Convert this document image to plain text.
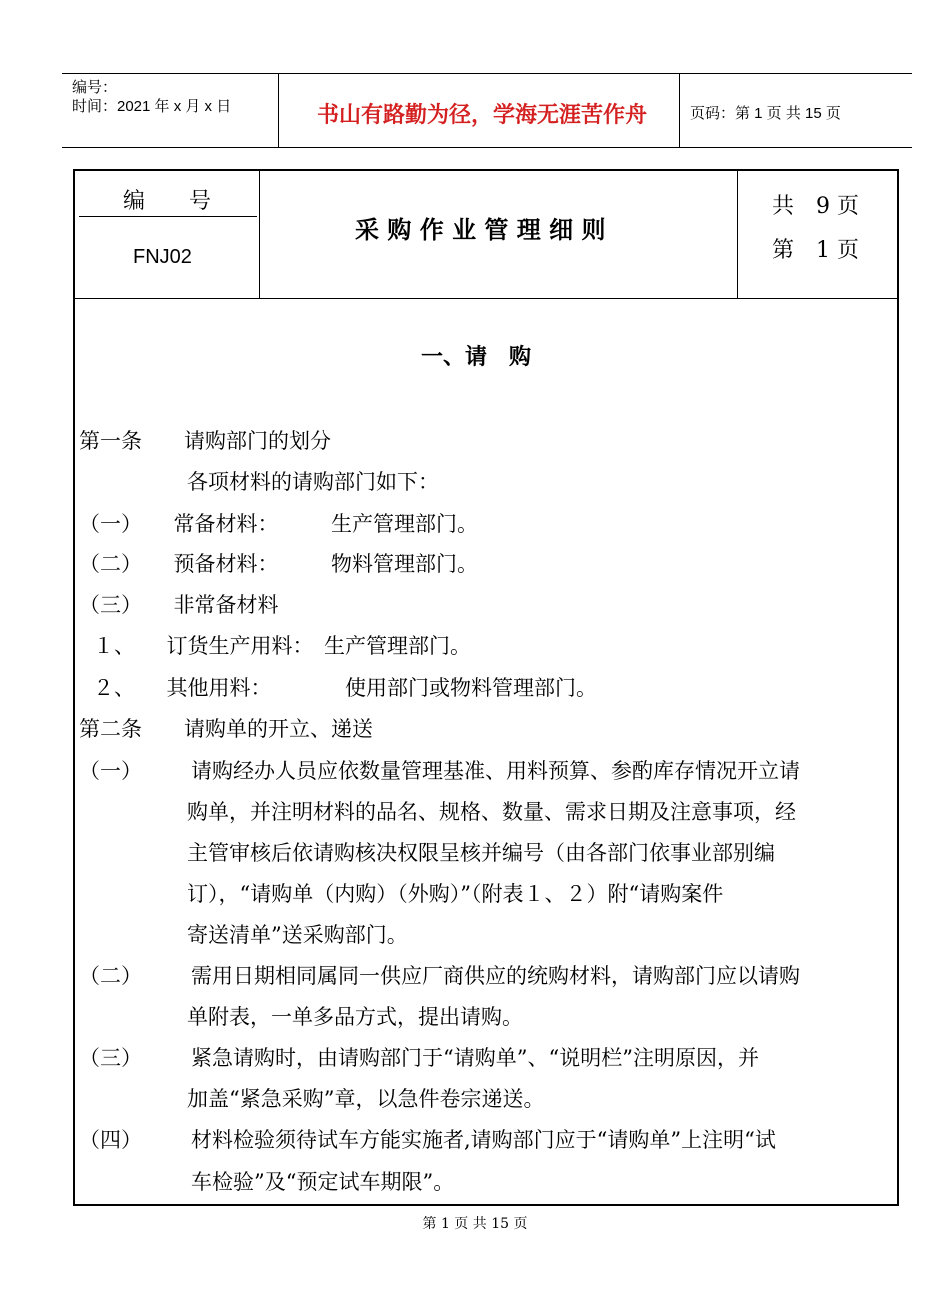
编号：
时间：2021 年 x 月 x 日	书山有路勤为径，学海无涯苦作舟	页码：第 1 页 共 15 页
编　　号
FNJ02
采 购 作 业 管 理 细 则
共　9 页
第　1 页
一、请　购
第一条　　请购部门的划分
各项材料的请购部门如下：
（一）　　常备材料：　　　生产管理部门。
（二）　　预备材料：　　　物料管理部门。
（三）　　非常备材料
１、　　订货生产用料：　生产管理部门。
２、　　其他用料：　　　　使用部门或物料管理部门。
第二条　　请购单的开立、递送
（一） 请购经办人员应依数量管理基准、用料预算、参酌库存情况开立请
购单，并注明材料的品名、规格、数量、需求日期及注意事项，经
主管审核后依请购核决权限呈核并编号（由各部门依事业部别编
订），“请购单（内购）（外购）”（附表１、２）附“请购案件
寄送清单”送采购部门。
（二） 需用日期相同属同一供应厂商供应的统购材料，请购部门应以请购
单附表，一单多品方式，提出请购。
（三） 紧急请购时，由请购部门于“请购单”、“说明栏”注明原因，并
加盖“紧急采购”章，以急件卷宗递送。
（四） 材料检验须待试车方能实施者,请购部门应于“请购单”上注明“试
车检验”及“预定试车期限”。
第 1 页 共 15 页
